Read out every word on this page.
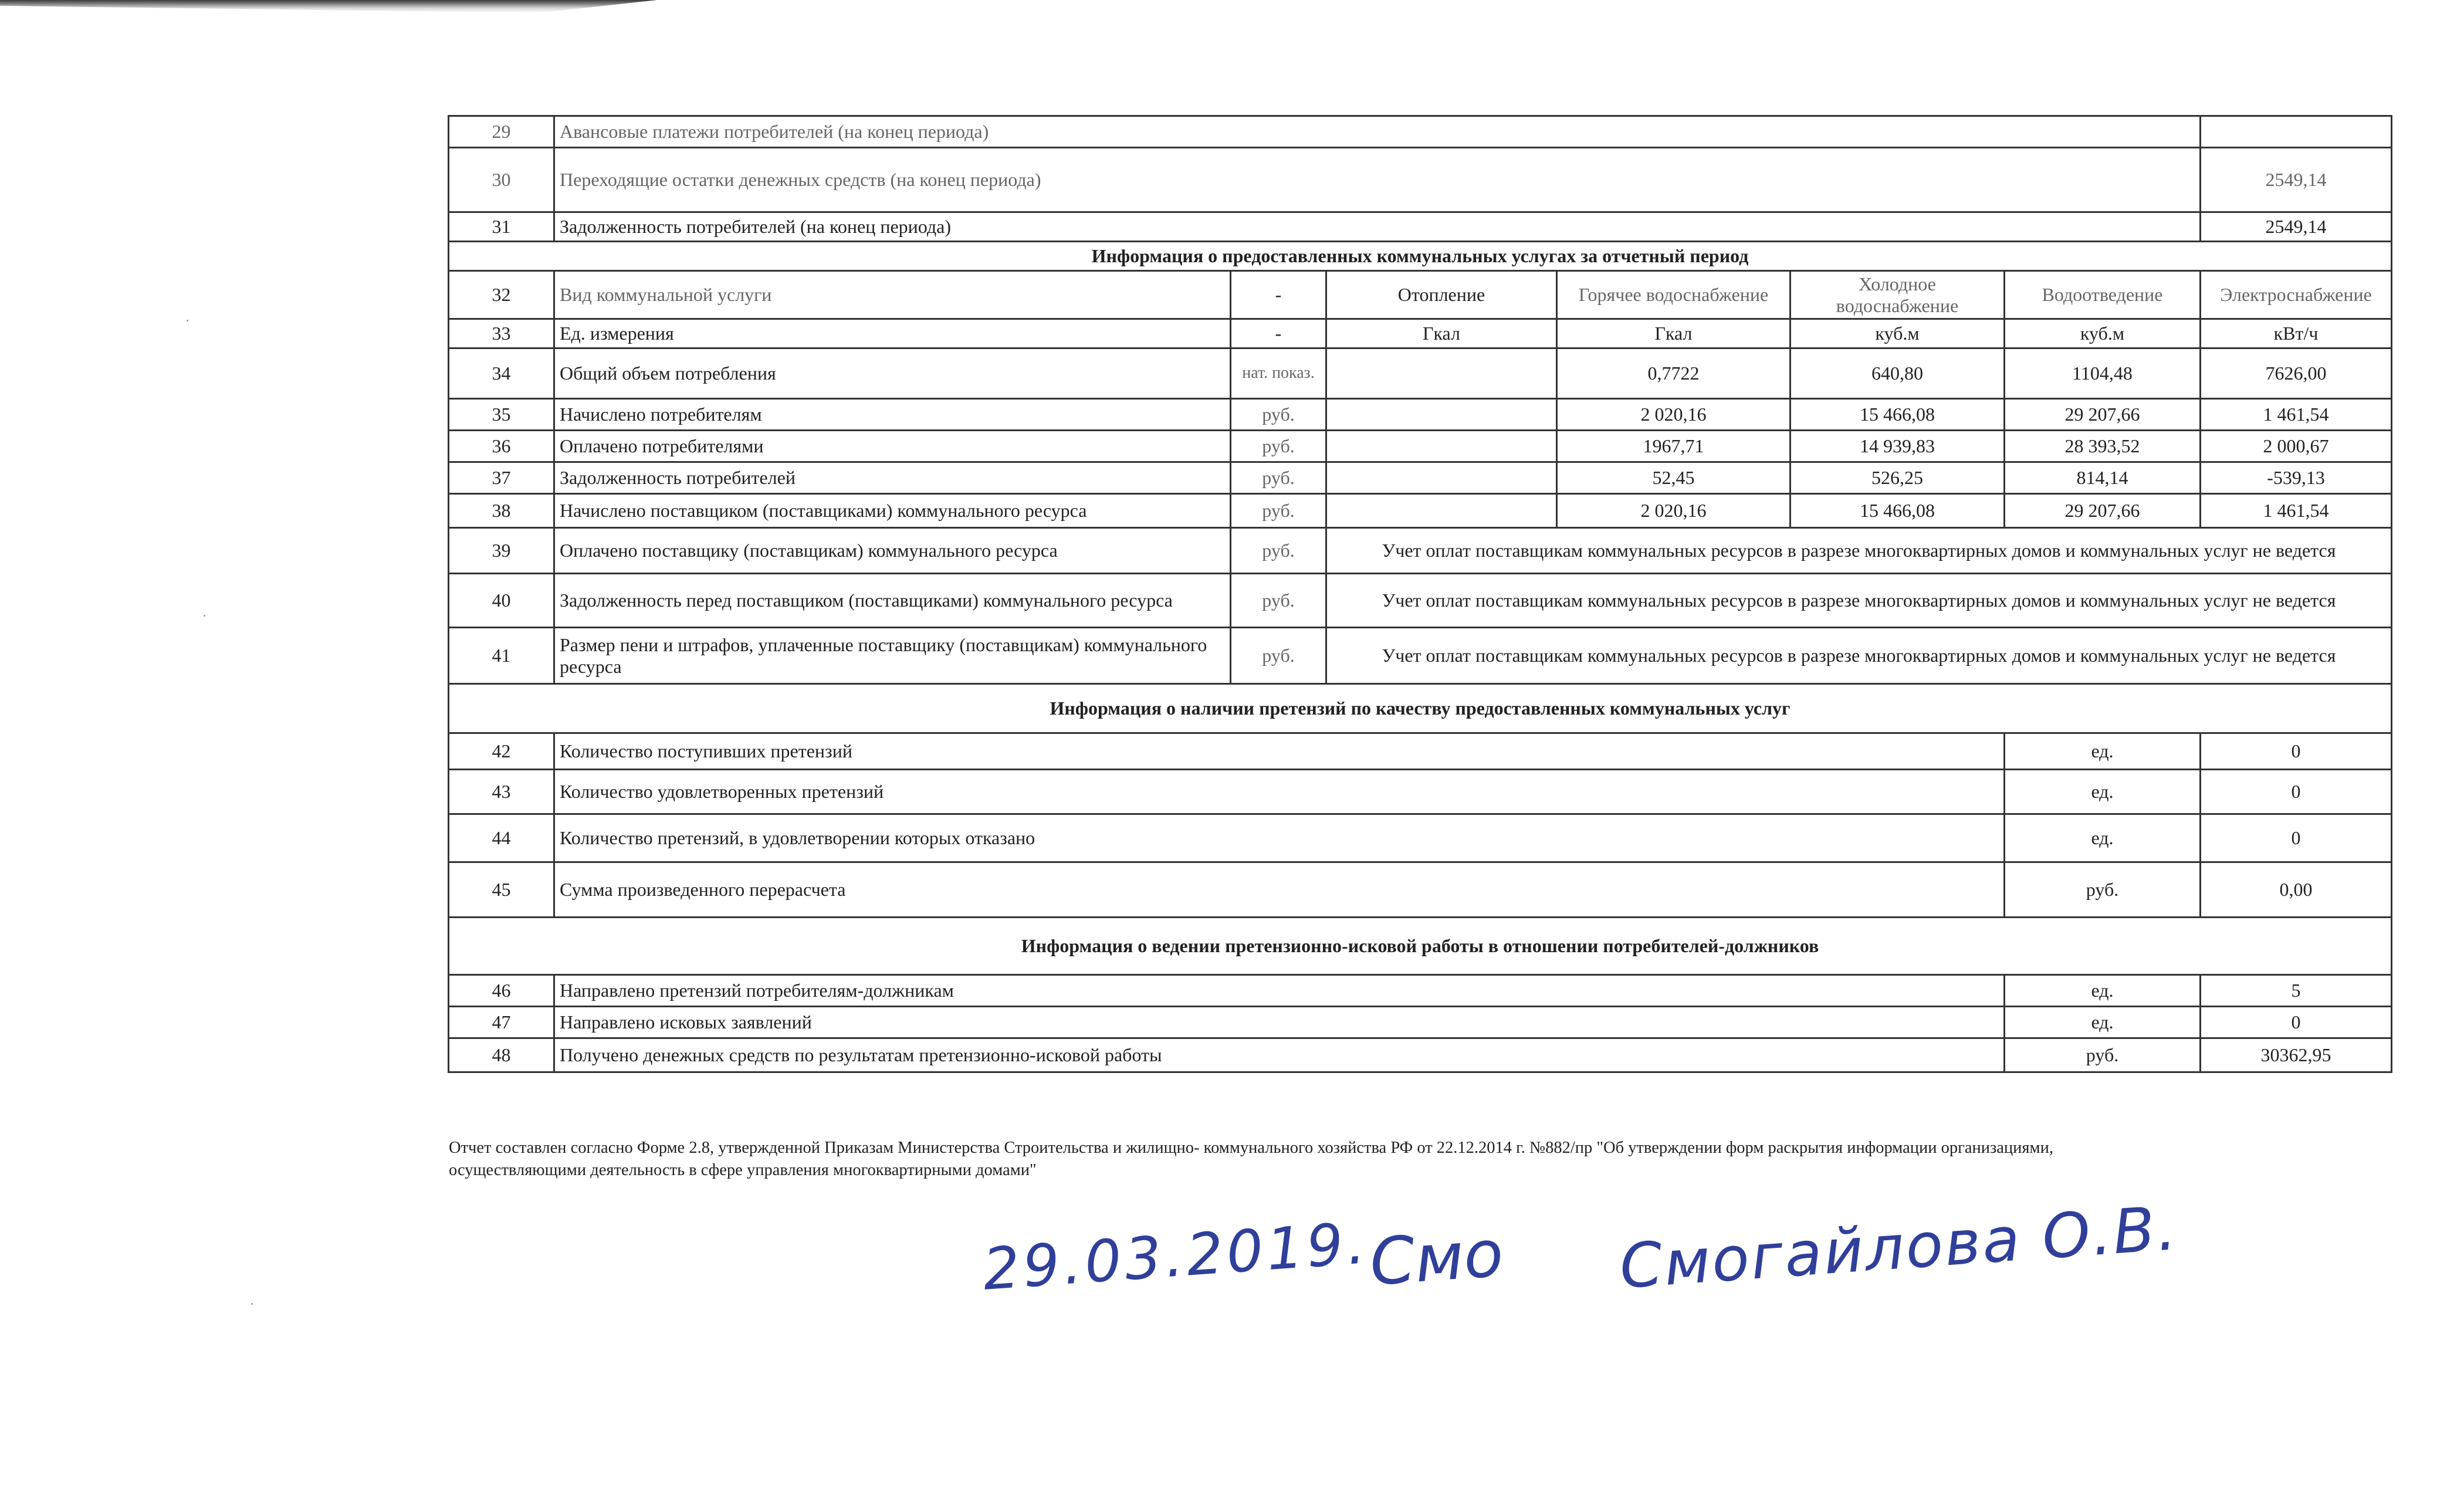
29	Авансовые платежи потребителей (на конец периода)						
30	Переходящие остатки денежных средств (на конец периода)						2549,14
31	Задолженность потребителей (на конец периода)						2549,14
Информация о предоставленных коммунальных услугах за отчетный период							
32	Вид коммунальной услуги	-	Отопление	Горячее водоснабжение	Холодное водоснабжение	Водоотведение	Электроснабжение
33	Ед. измерения	-	Гкал	Гкал	куб.м	куб.м	кВт/ч
34	Общий объем потребления	нат. показ.		0,7722	640,80	1104,48	7626,00
35	Начислено потребителям	руб.		2 020,16	15 466,08	29 207,66	1 461,54
36	Оплачено потребителями	руб.		1967,71	14 939,83	28 393,52	2 000,67
37	Задолженность потребителей	руб.		52,45	526,25	814,14	-539,13
38	Начислено поставщиком (поставщиками) коммунального ресурса	руб.		2 020,16	15 466,08	29 207,66	1 461,54
39	Оплачено поставщику (поставщикам) коммунального ресурса	руб.	Учет оплат поставщикам коммунальных ресурсов в разрезе многоквартирных домов и коммунальных услуг не ведется				
40	Задолженность перед поставщиком (поставщиками) коммунального ресурса	руб.	Учет оплат поставщикам коммунальных ресурсов в разрезе многоквартирных домов и коммунальных услуг не ведется				
41	Размер пени и штрафов, уплаченные поставщику (поставщикам) коммунального ресурса	руб.	Учет оплат поставщикам коммунальных ресурсов в разрезе многоквартирных домов и коммунальных услуг не ведется				
Информация о наличии претензий по качеству предоставленных коммунальных услуг							
42	Количество поступивших претензий					ед.	0
43	Количество удовлетворенных претензий					ед.	0
44	Количество претензий, в удовлетворении которых отказано					ед.	0
45	Сумма произведенного перерасчета					руб.	0,00
Информация о ведении претензионно-исковой работы в отношении потребителей-должников							
46	Направлено претензий потребителям-должникам					ед.	5
47	Направлено исковых заявлений					ед.	0
48	Получено денежных средств по результатам претензионно-исковой работы					руб.	30362,95
Отчет составлен согласно Форме 2.8, утвержденной Приказам Министерства Строительства и жилищно- коммунального хозяйства РФ от 22.12.2014 г. №882/пр "Об утверждении форм раскрытия информации организациями,
осуществляющими деятельность в сфере управления многоквартирными домами"
29.03.2019.
Смо Смогайлова О.В.
